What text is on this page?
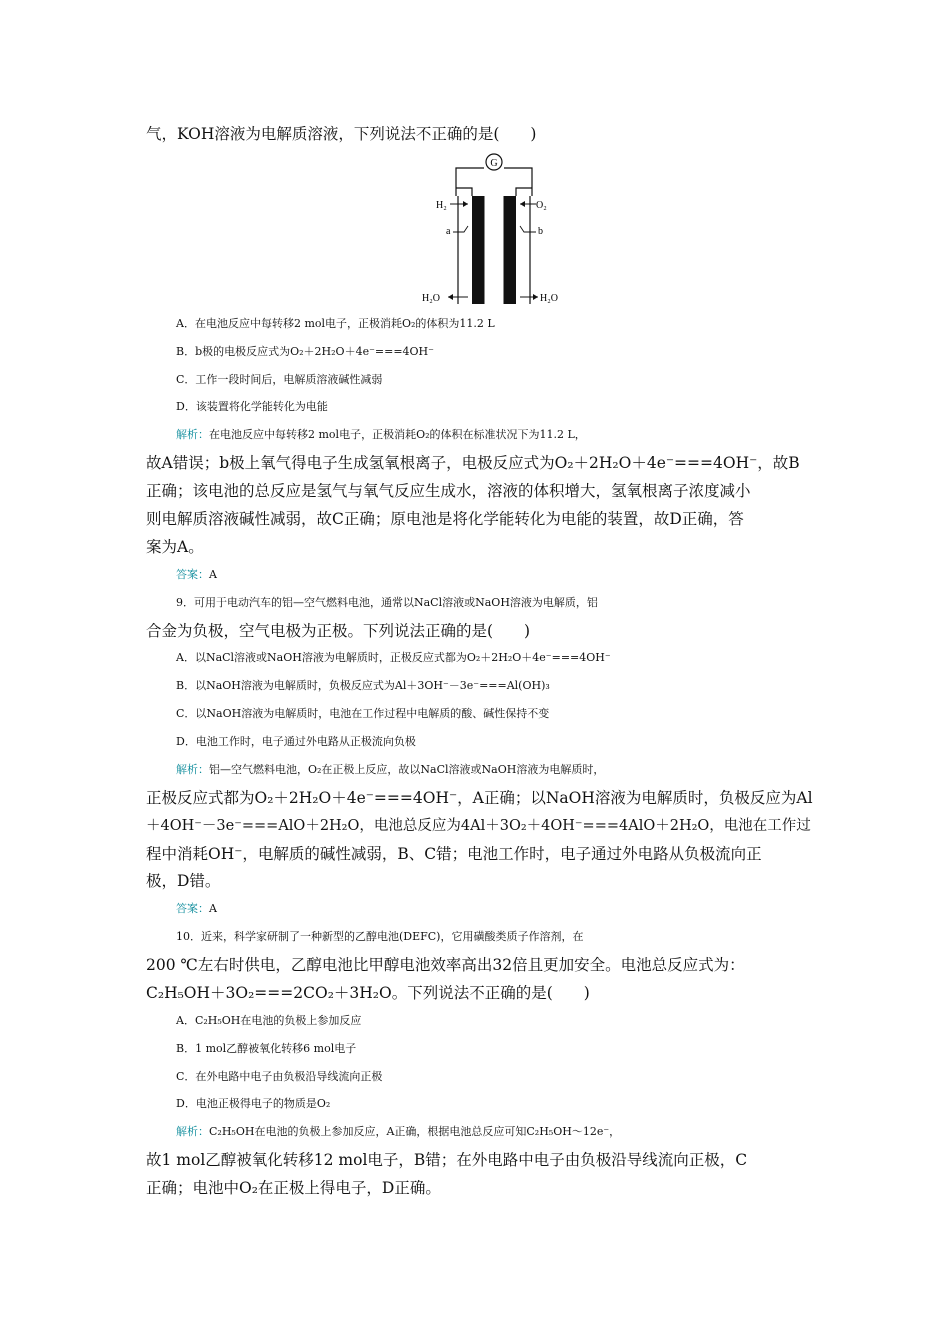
气，KOH溶液为电解质溶液，下列说法不正确的是(　　)
G
H₂	O₂
a	b
H₂O	H₂O
A．在电池反应中每转移2 mol电子，正极消耗O₂的体积为11.2 L
B．b极的电极反应式为O₂＋2H₂O＋4e⁻===4OH⁻
C．工作一段时间后，电解质溶液碱性减弱
D．该装置将化学能转化为电能
解析：在电池反应中每转移2 mol电子，正极消耗O₂的体积在标准状况下为11.2 L，
故A错误；b极上氧气得电子生成氢氧根离子，电极反应式为O₂＋2H₂O＋4e⁻===4OH⁻，故B
正确；该电池的总反应是氢气与氧气反应生成水，溶液的体积增大，氢氧根离子浓度减小
则电解质溶液碱性减弱，故C正确；原电池是将化学能转化为电能的装置，故D正确，答
案为A。
答案：A
9．可用于电动汽车的铝—空气燃料电池，通常以NaCl溶液或NaOH溶液为电解质，铝
合金为负极，空气电极为正极。下列说法正确的是(　　)
A．以NaCl溶液或NaOH溶液为电解质时，正极反应式都为O₂＋2H₂O＋4e⁻===4OH⁻
B．以NaOH溶液为电解质时，负极反应式为Al＋3OH⁻－3e⁻===Al(OH)₃
C．以NaOH溶液为电解质时，电池在工作过程中电解质的酸、碱性保持不变
D．电池工作时，电子通过外电路从正极流向负极
解析：铝—空气燃料电池，O₂在正极上反应，故以NaCl溶液或NaOH溶液为电解质时，
正极反应式都为O₂＋2H₂O＋4e⁻===4OH⁻，A正确；以NaOH溶液为电解质时，负极反应为Al
＋4OH⁻－3e⁻===AlO＋2H₂O，电池总反应为4Al＋3O₂＋4OH⁻===4AlO＋2H₂O，电池在工作过
程中消耗OH⁻，电解质的碱性减弱，B、C错；电池工作时，电子通过外电路从负极流向正
极，D错。
答案：A
10．近来，科学家研制了一种新型的乙醇电池(DEFC)，它用磺酸类质子作溶剂，在
200 ℃左右时供电，乙醇电池比甲醇电池效率高出32倍且更加安全。电池总反应式为：
C₂H₅OH＋3O₂===2CO₂＋3H₂O。下列说法不正确的是(　　)
A．C₂H₅OH在电池的负极上参加反应
B．1 mol乙醇被氧化转移6 mol电子
C．在外电路中电子由负极沿导线流向正极
D．电池正极得电子的物质是O₂
解析：C₂H₅OH在电池的负极上参加反应，A正确，根据电池总反应可知C₂H₅OH～12e⁻，
故1 mol乙醇被氧化转移12 mol电子，B错；在外电路中电子由负极沿导线流向正极，C
正确；电池中O₂在正极上得电子，D正确。
